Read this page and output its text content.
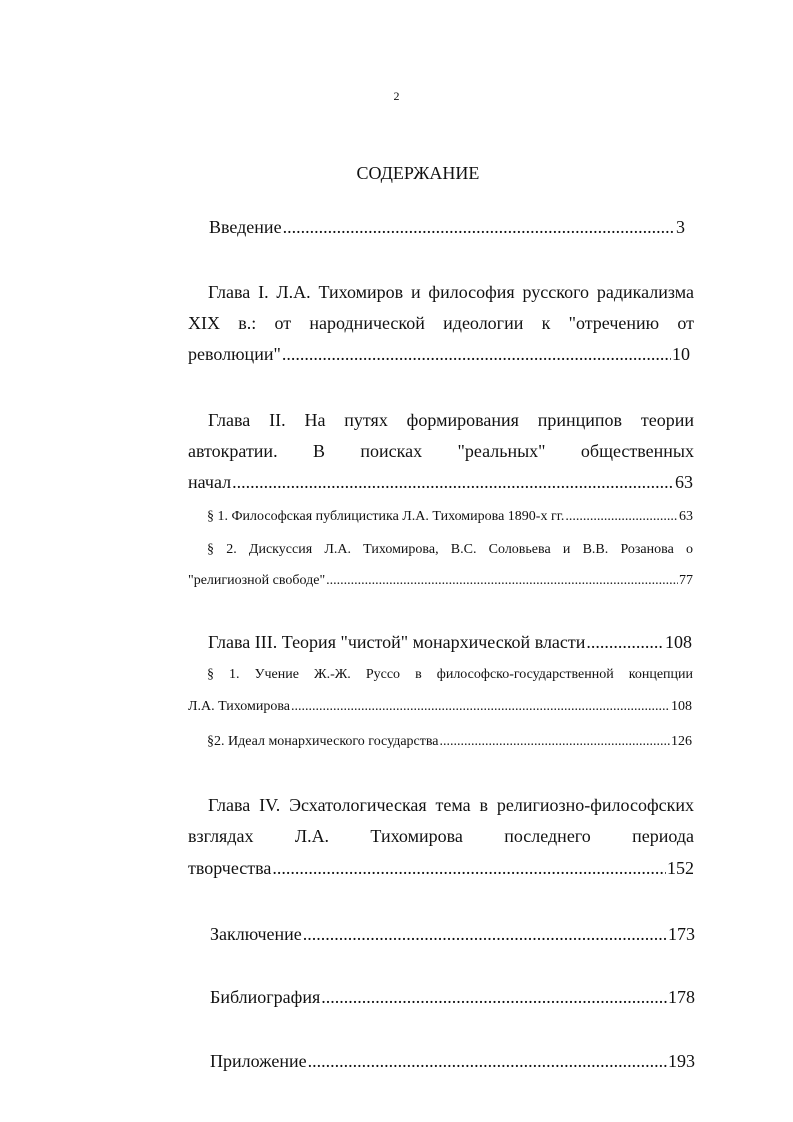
2
СОДЕРЖАНИЕ
Введение .....	3
Глава I. Л.А. Тихомиров и философия русского радикализма
XIX в.: от народнической идеологии к "отречению от
революции" .....	10
Глава II. На путях формирования принципов теории
автократии. В поисках "реальных" общественных
начал .....	63
§ 1. Философская публицистика Л.А. Тихомирова 1890-х гг. .....	63
§ 2. Дискуссия Л.А. Тихомирова, В.С. Соловьева и В.В. Розанова о
"религиозной свободе" .....	77
Глава III. Теория "чистой" монархической власти .....	108
§ 1. Учение Ж.-Ж. Руссо в философско-государственной концепции
Л.А. Тихомирова .....	108
§2. Идеал монархического государства .....	126
Глава IV. Эсхатологическая тема в религиозно-философских
взглядах Л.А. Тихомирова последнего периода
творчества .....	152
Заключение .....	173
Библиография .....	178
Приложение .....	193
